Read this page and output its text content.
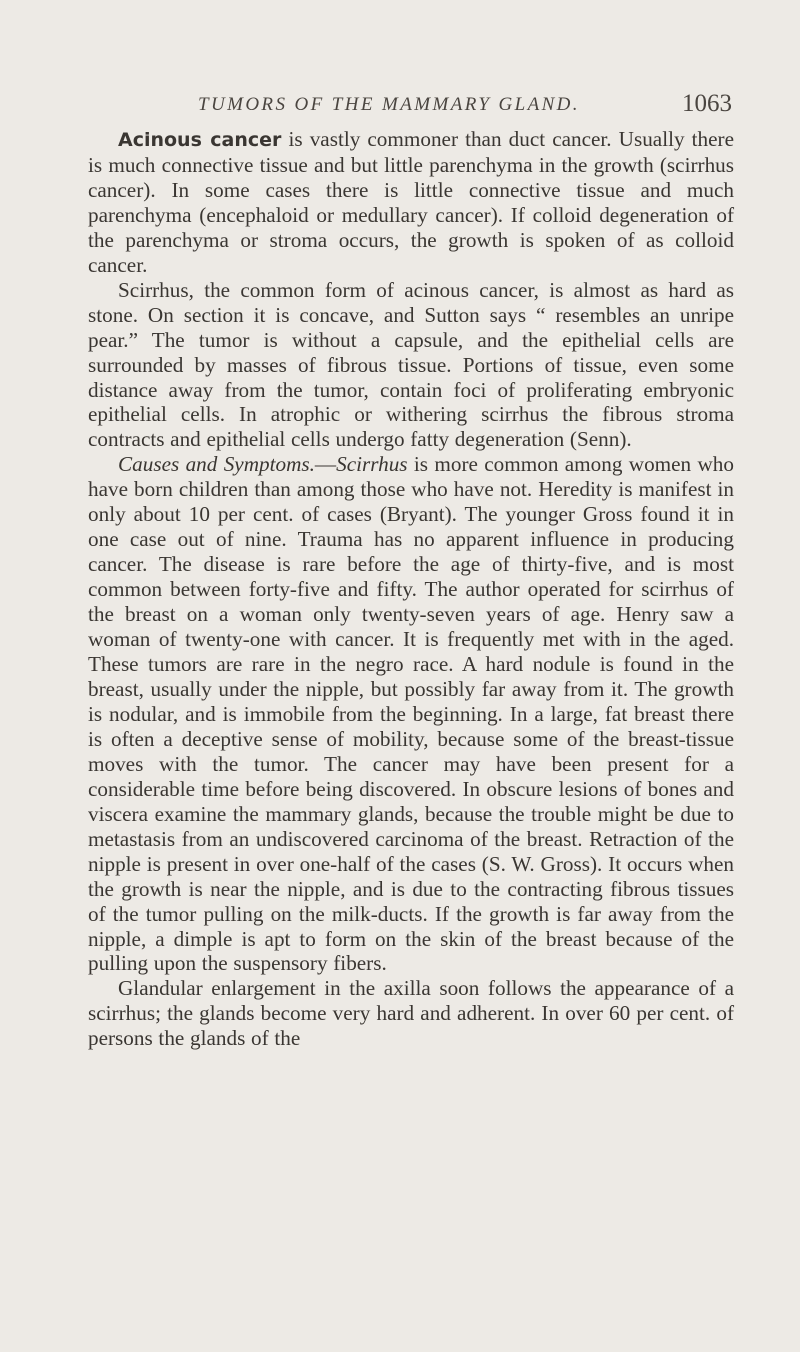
TUMORS OF THE MAMMARY GLAND.	1063

Acinous cancer is vastly commoner than duct cancer. Usually there is much connective tissue and but little parenchyma in the growth (scirrhus cancer). In some cases there is little connective tissue and much parenchyma (encephaloid or medullary cancer). If colloid degeneration of the parenchyma or stroma occurs, the growth is spoken of as colloid cancer.

Scirrhus, the common form of acinous cancer, is almost as hard as stone. On section it is concave, and Sutton says “ resembles an unripe pear.” The tumor is without a capsule, and the epithelial cells are surrounded by masses of fibrous tissue. Portions of tissue, even some distance away from the tumor, contain foci of proliferating embryonic epithelial cells. In atrophic or withering scirrhus the fibrous stroma contracts and epithelial cells undergo fatty degeneration (Senn).

Causes and Symptoms.—Scirrhus is more common among women who have born children than among those who have not. Heredity is manifest in only about 10 per cent. of cases (Bryant). The younger Gross found it in one case out of nine. Trauma has no apparent influence in producing cancer. The disease is rare before the age of thirty-five, and is most common between forty-five and fifty. The author operated for scirrhus of the breast on a woman only twenty-seven years of age. Henry saw a woman of twenty-one with cancer. It is frequently met with in the aged. These tumors are rare in the negro race. A hard nodule is found in the breast, usually under the nipple, but possibly far away from it. The growth is nodular, and is immobile from the beginning. In a large, fat breast there is often a deceptive sense of mobility, because some of the breast-tissue moves with the tumor. The cancer may have been present for a considerable time before being discovered. In obscure lesions of bones and viscera examine the mammary glands, because the trouble might be due to metastasis from an undiscovered carcinoma of the breast. Retraction of the nipple is present in over one-half of the cases (S. W. Gross). It occurs when the growth is near the nipple, and is due to the contracting fibrous tissues of the tumor pulling on the milk-ducts. If the growth is far away from the nipple, a dimple is apt to form on the skin of the breast because of the pulling upon the suspensory fibers.

Glandular enlargement in the axilla soon follows the appearance of a scirrhus; the glands become very hard and adherent. In over 60 per cent. of persons the glands of the
